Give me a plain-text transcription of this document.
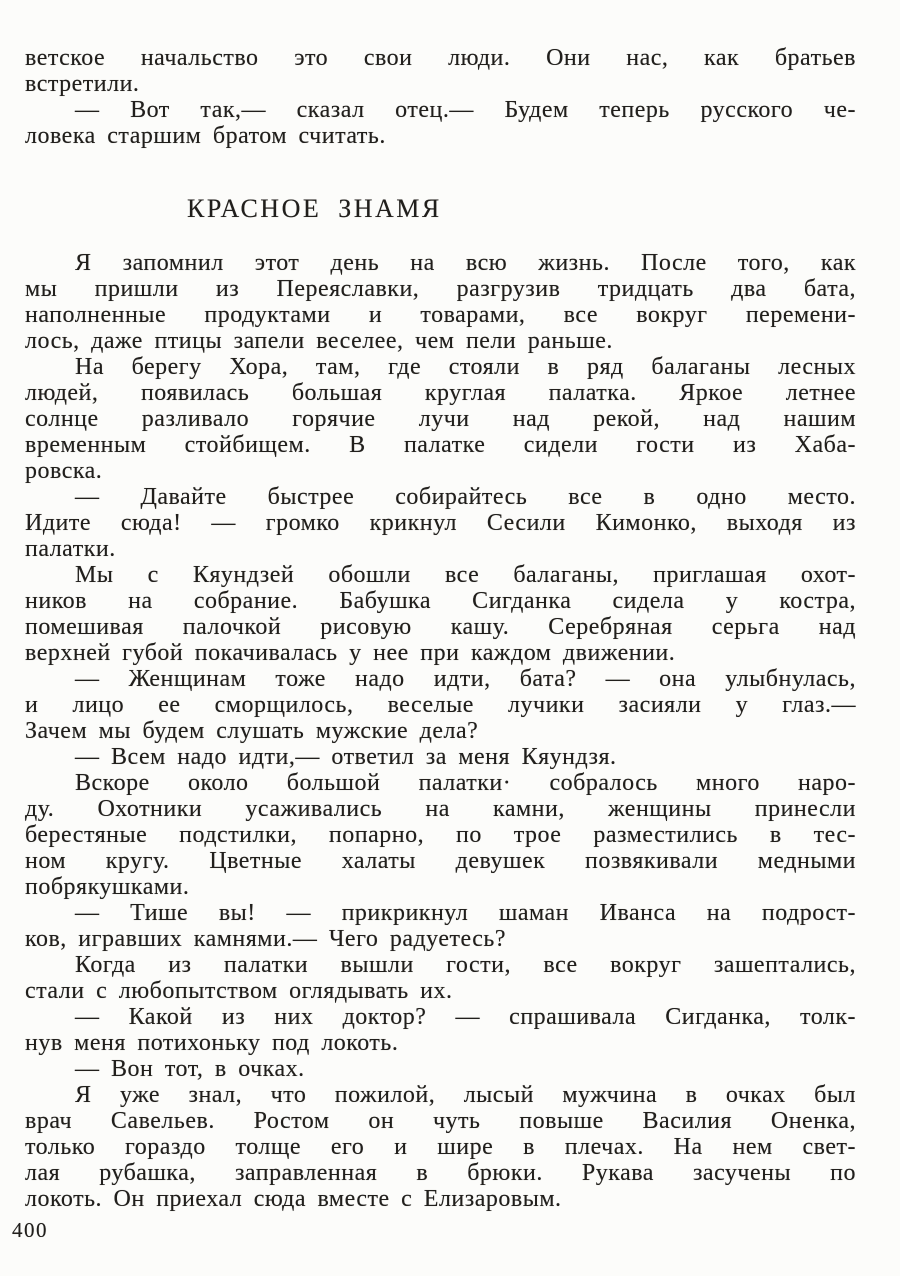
ветское начальство это свои люди. Они нас, как братьев
встретили.
— Вот так,— сказал отец.— Будем теперь русского че-
ловека старшим братом считать.
КРАСНОЕ ЗНАМЯ
Я запомнил этот день на всю жизнь. После того, как
мы пришли из Переяславки, разгрузив тридцать два бата,
наполненные продуктами и товарами, все вокруг перемени-
лось, даже птицы запели веселее, чем пели раньше.
На берегу Хора, там, где стояли в ряд балаганы лесных
людей, появилась большая круглая палатка. Яркое летнее
солнце разливало горячие лучи над рекой, над нашим
временным стойбищем. В палатке сидели гости из Хаба-
ровска.
— Давайте быстрее собирайтесь все в одно место.
Идите сюда! — громко крикнул Сесили Кимонко, выходя из
палатки.
Мы с Кяундзей обошли все балаганы, приглашая охот-
ников на собрание. Бабушка Сигданка сидела у костра,
помешивая палочкой рисовую кашу. Серебряная серьга над
верхней губой покачивалась у нее при каждом движении.
— Женщинам тоже надо идти, бата? — она улыбнулась,
и лицо ее сморщилось, веселые лучики засияли у глаз.—
Зачем мы будем слушать мужские дела?
— Всем надо идти,— ответил за меня Кяундзя.
Вскоре около большой палатки· собралось много наро-
ду. Охотники усаживались на камни, женщины принесли
берестяные подстилки, попарно, по трое разместились в тес-
ном кругу. Цветные халаты девушек позвякивали медными
побрякушками.
— Тише вы! — прикрикнул шаман Иванса на подрост-
ков, игравших камнями.— Чего радуетесь?
Когда из палатки вышли гости, все вокруг зашептались,
стали с любопытством оглядывать их.
— Какой из них доктор? — спрашивала Сигданка, толк-
нув меня потихоньку под локоть.
— Вон тот, в очках.
Я уже знал, что пожилой, лысый мужчина в очках был
врач Савельев. Ростом он чуть повыше Василия Оненка,
только гораздо толще его и шире в плечах. На нем свет-
лая рубашка, заправленная в брюки. Рукава засучены по
локоть. Он приехал сюда вместе с Елизаровым.
400
